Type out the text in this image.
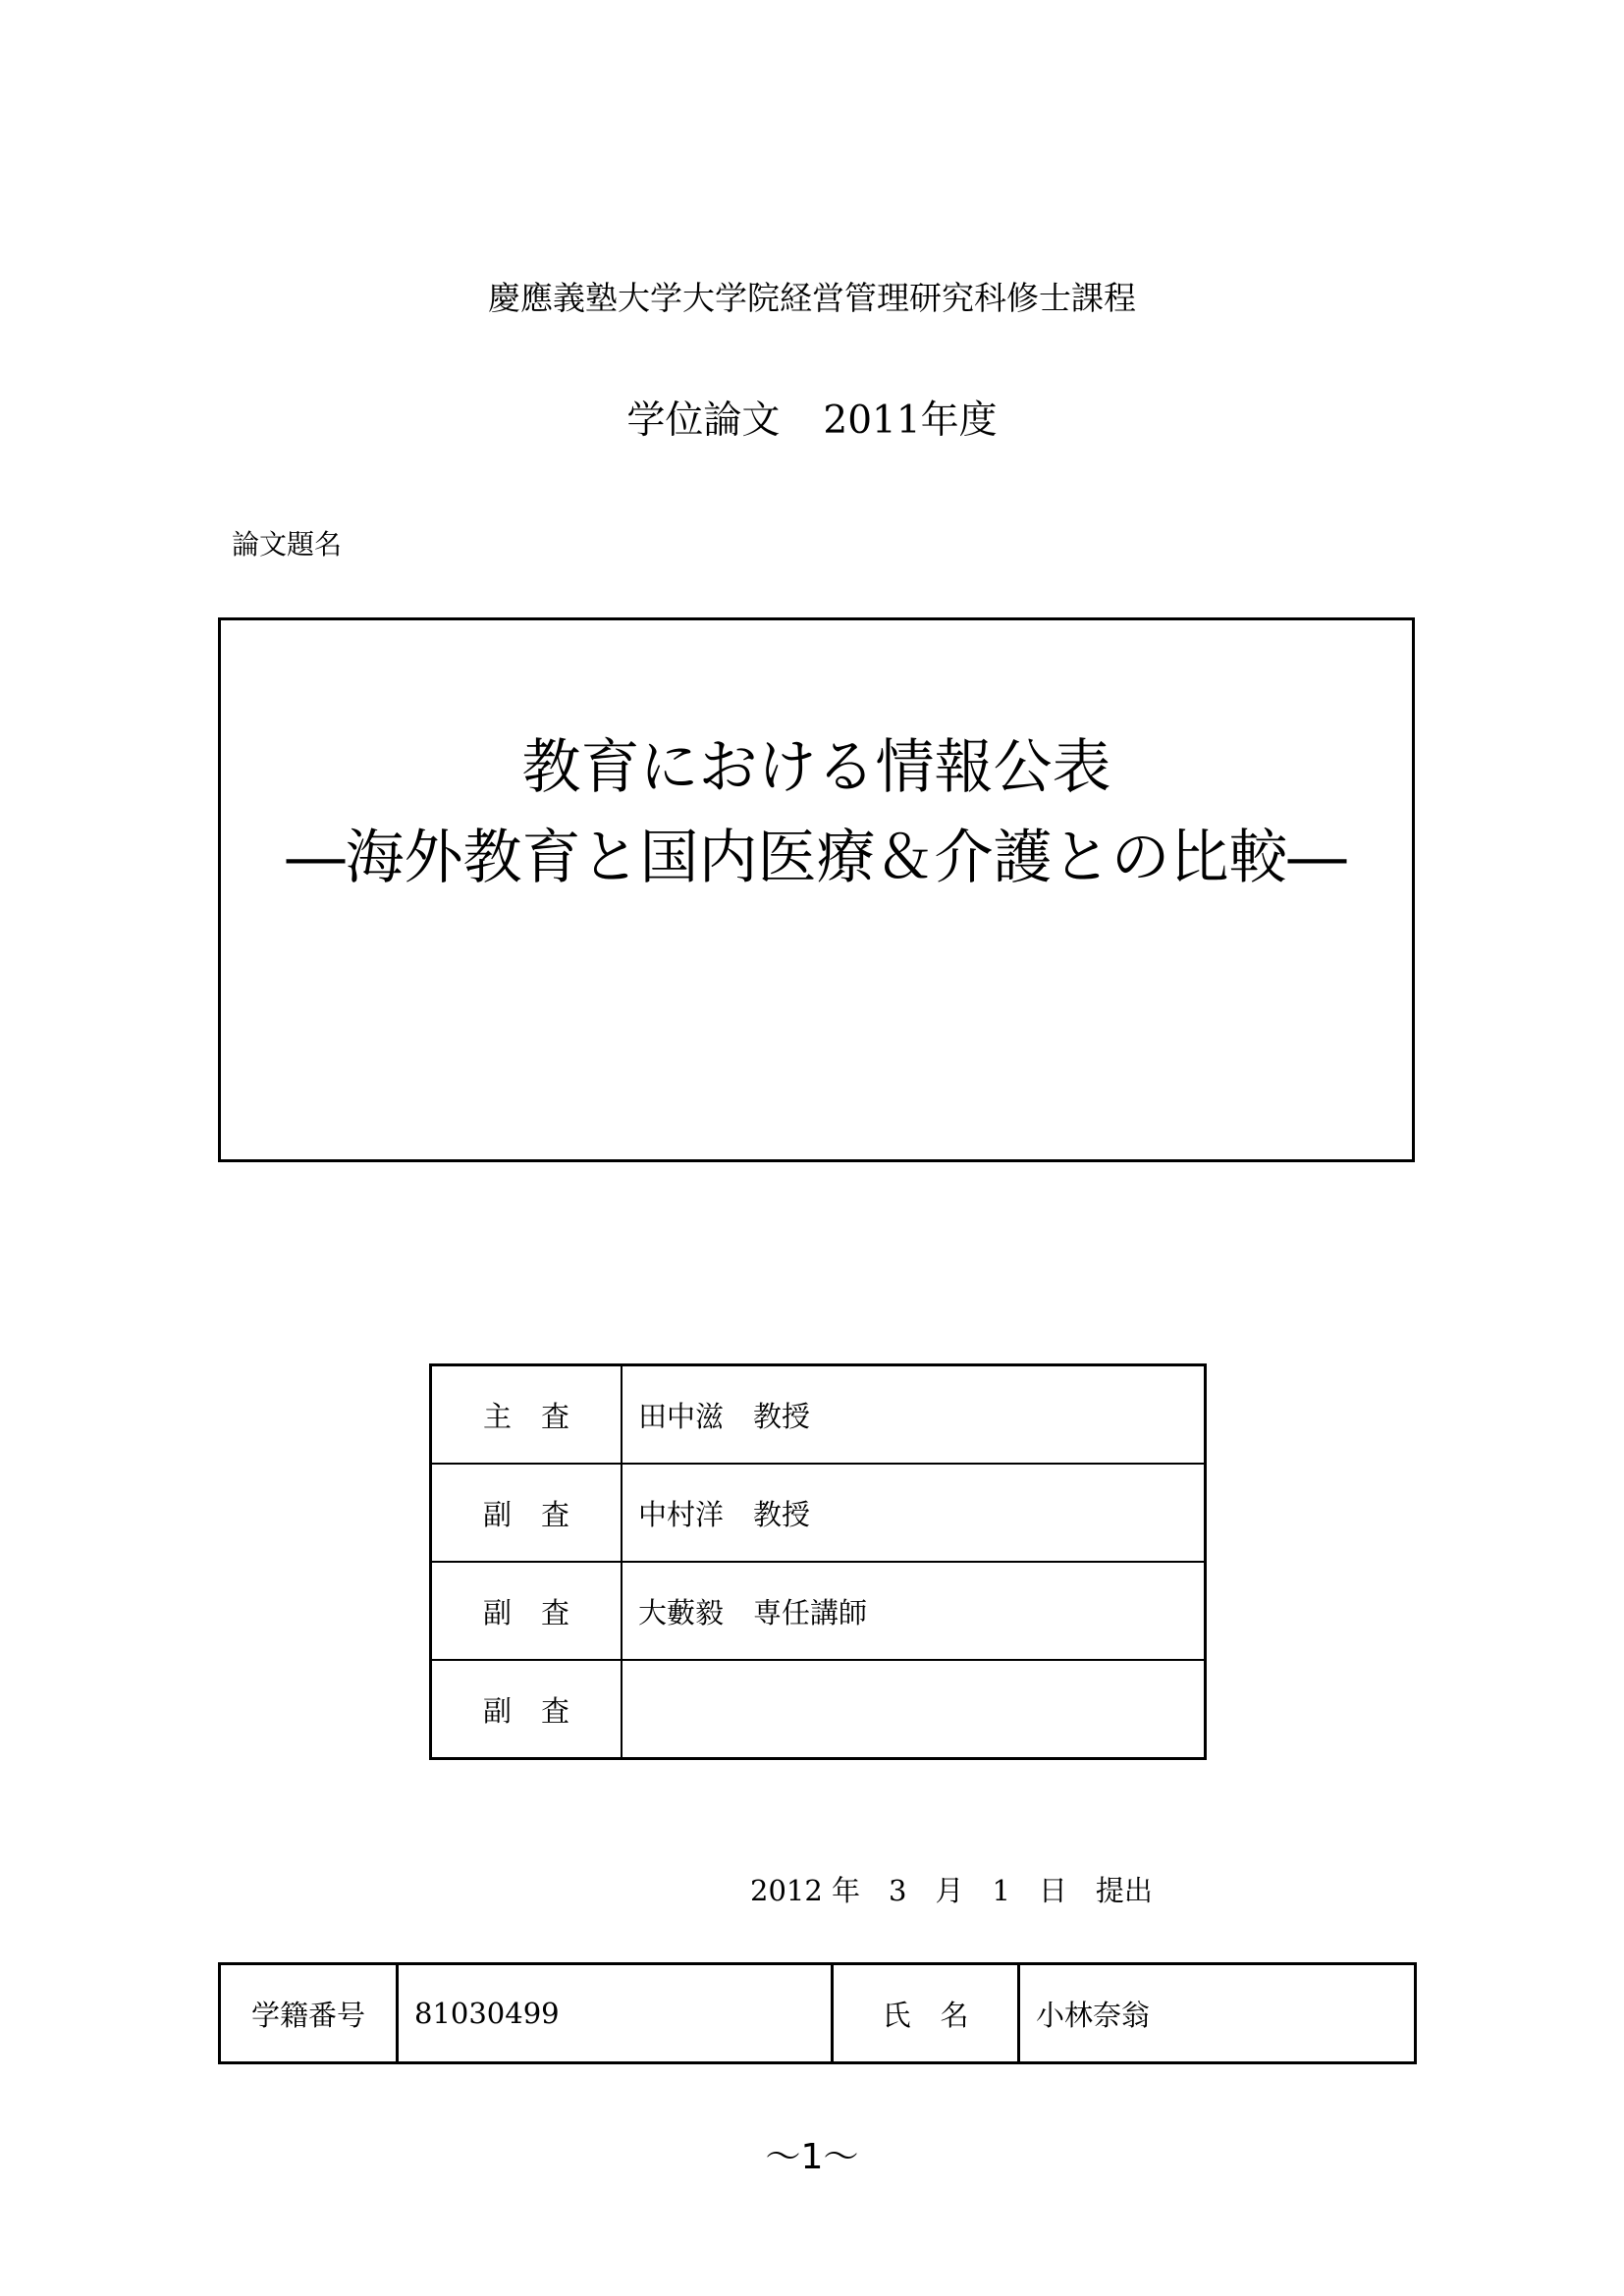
慶應義塾大学大学院経営管理研究科修士課程
学位論文 2011年度
論文題名
教育における情報公表
―海外教育と国内医療＆介護との比較―
主 査	田中滋 教授
副 査	中村洋 教授
副 査	大藪毅 専任講師
副 査	
2012 年　3　月　1　日　提出
学籍番号	81030499	氏 名	小林奈翁
～1～
